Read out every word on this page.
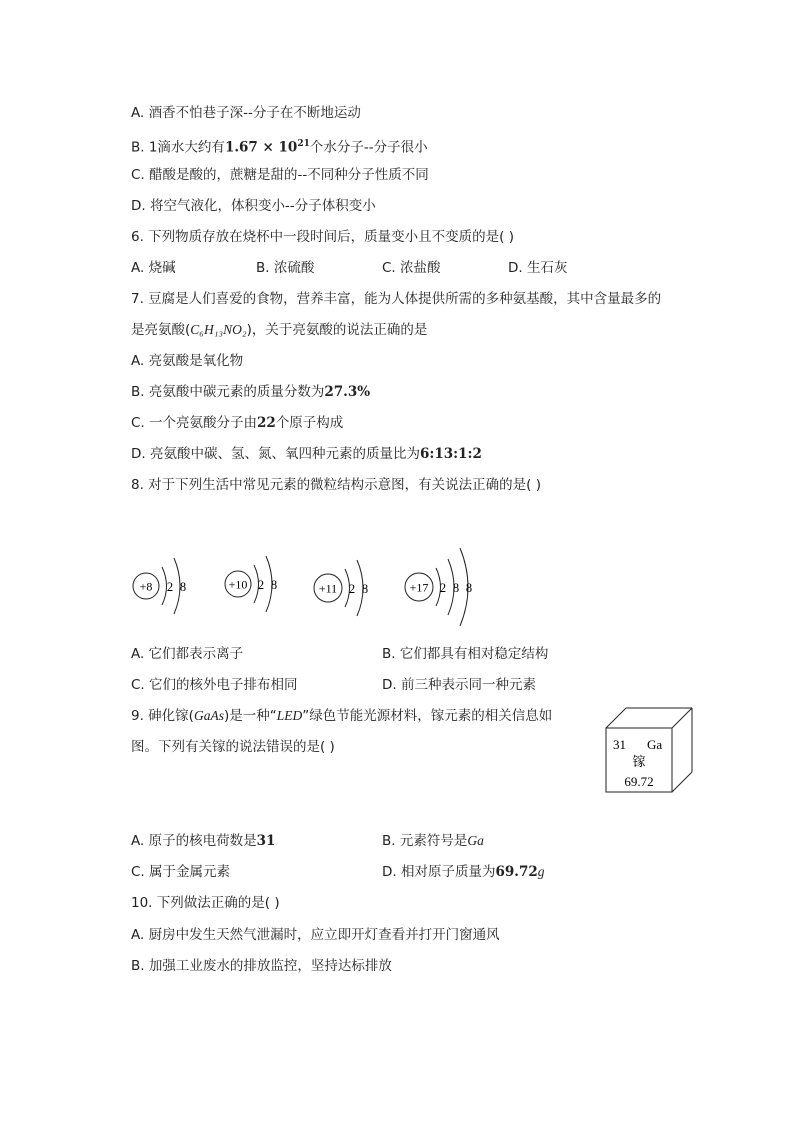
A. 酒香不怕巷子深--分子在不断地运动
B. 1滴水大约有$1.67 \times 10^{21}$个水分子--分子很小
C. 醋酸是酸的，蔗糖是甜的--不同种分子性质不同
D. 将空气液化，体积变小--分子体积变小
6. 下列物质存放在烧杯中一段时间后，质量变小且不变质的是( )
A. 烧碱	B. 浓硫酸	C. 浓盐酸	D. 生石灰
7. 豆腐是人们喜爱的食物，营养丰富，能为人体提供所需的多种氨基酸，其中含量最多的
是亮氨酸(C₆H₁₃NO₂)，关于亮氨酸的说法正确的是
A. 亮氨酸是氧化物
B. 亮氨酸中碳元素的质量分数为27.3%
C. 一个亮氨酸分子由22个原子构成
D. 亮氨酸中碳、氢、氮、氧四种元素的质量比为6:13:1:2
8. 对于下列生活中常见元素的微粒结构示意图，有关说法正确的是( )
+8 2 8	+10 2 8	+11 2 8	+17 2 8 8
31 Ga
镓
69.72
A. 它们都表示离子	B. 它们都具有相对稳定结构
C. 它们的核外电子排布相同	D. 前三种表示同一种元素
9. 砷化镓(GaAs)是一种“LED”绿色节能光源材料，镓元素的相关信息如
图。下列有关镓的说法错误的是( )
A. 原子的核电荷数是31	B. 元素符号是Ga
C. 属于金属元素	D. 相对原子质量为69.72g
10. 下列做法正确的是( )
A. 厨房中发生天然气泄漏时，应立即开灯查看并打开门窗通风
B. 加强工业废水的排放监控，坚持达标排放
